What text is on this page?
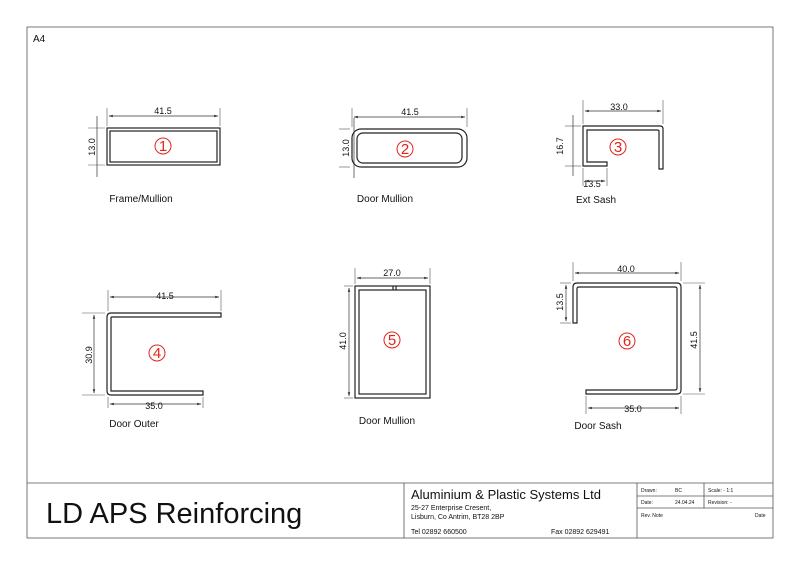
A4
41.5
13.0	1
Frame/Mullion
41.5
13.0	2
Door Mullion
33.0
16.7
13.5
3
Ext Sash
41.5
30.9
35.0
4
Door Outer
27.0
41.0	5
Door Mullion
40.0
13.5
41.5
35.0
6
Door Sash
LD APS Reinforcing
Aluminium & Plastic Systems Ltd
25-27 Enterprise Cresent,
Lisburn, Co Antrim, BT28 2BP
Tel 02892 660500	Fax 02892 629491
Drawn:	BC	Scale: - 1:1
Date:	24.04.24	Revision: -
Rev. Note	Date
